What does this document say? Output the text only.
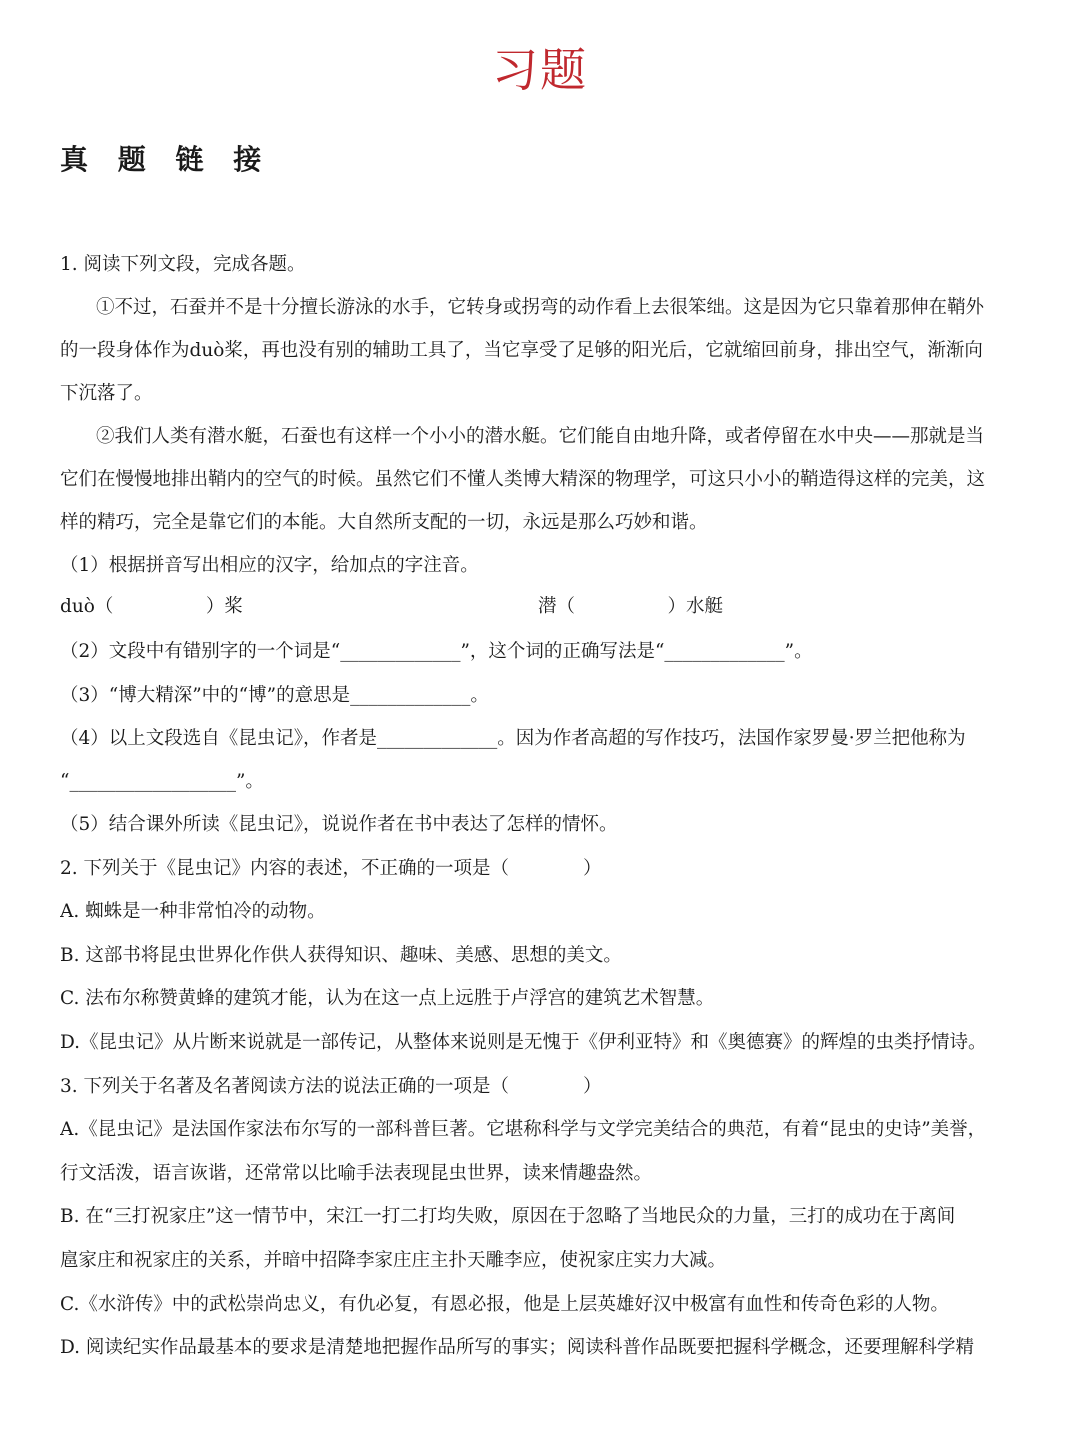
习题
真 题 链 接
1. 阅读下列文段，完成各题。
①不过，石蚕并不是十分擅长游泳的水手，它转身或拐弯的动作看上去很笨绌。这是因为它只靠着那伸在鞘外
的一段身体作为duò桨，再也没有别的辅助工具了，当它享受了足够的阳光后，它就缩回前身，排出空气，渐渐向
下沉落了。
②我们人类有潜水艇，石蚕也有这样一个小小的潜水艇。它们能自由地升降，或者停留在水中央——那就是当
它们在慢慢地排出鞘内的空气的时候。虽然它们不懂人类博大精深的物理学，可这只小小的鞘造得这样的完美，这
样的精巧，完全是靠它们的本能。大自然所支配的一切，永远是那么巧妙和谐。
（1）根据拼音写出相应的汉字，给加点的字注音。
duò（　　　　　）桨	潜（　　　　　）水艇
（2）文段中有错别字的一个词是“_____________”，这个词的正确写法是“_____________”。
（3）“博大精深”中的“博”的意思是_____________。
（4）以上文段选自《昆虫记》，作者是_____________。因为作者高超的写作技巧，法国作家罗曼·罗兰把他称为
“__________________”。
（5）结合课外所读《昆虫记》，说说作者在书中表达了怎样的情怀。
2. 下列关于《昆虫记》内容的表述，不正确的一项是（　　　　）
A. 蜘蛛是一种非常怕冷的动物。
B. 这部书将昆虫世界化作供人获得知识、趣味、美感、思想的美文。
C. 法布尔称赞黄蜂的建筑才能，认为在这一点上远胜于卢浮宫的建筑艺术智慧。
D.《昆虫记》从片断来说就是一部传记，从整体来说则是无愧于《伊利亚特》和《奥德赛》的辉煌的虫类抒情诗。
3. 下列关于名著及名著阅读方法的说法正确的一项是（　　　　）
A.《昆虫记》是法国作家法布尔写的一部科普巨著。它堪称科学与文学完美结合的典范，有着“昆虫的史诗”美誉，
行文活泼，语言诙谐，还常常以比喻手法表现昆虫世界，读来情趣盎然。
B. 在“三打祝家庄”这一情节中，宋江一打二打均失败，原因在于忽略了当地民众的力量，三打的成功在于离间
扈家庄和祝家庄的关系，并暗中招降李家庄庄主扑天雕李应，使祝家庄实力大减。
C.《水浒传》中的武松崇尚忠义，有仇必复，有恩必报，他是上层英雄好汉中极富有血性和传奇色彩的人物。
D. 阅读纪实作品最基本的要求是清楚地把握作品所写的事实；阅读科普作品既要把握科学概念，还要理解科学精
